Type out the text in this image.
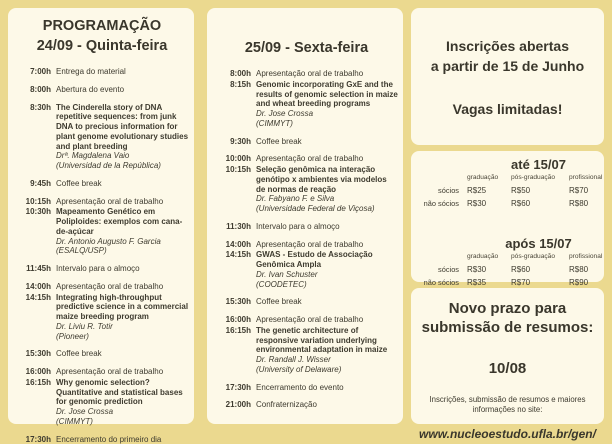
PROGRAMAÇÃO
24/09 - Quinta-feira
7:00h Entrega do material
8:00h Abertura do evento
8:30h The Cinderella story of DNA repetitive sequences: from junk DNA to precious information for plant genome evolutionary studies and plant breeding
Drª. Magdalena Vaio
(Universidad de la República)
9:45h Coffee break
10:15h Apresentação oral de trabalho
10:30h Mapeamento Genético em Poliploides: exemplos com cana-de-açúcar
Dr. Antonio Augusto F. Garcia
(ESALQ/USP)
11:45h Intervalo para o almoço
14:00h Apresentação oral de trabalho
14:15h Integrating high-throughput predictive science in a commercial maize breeding program
Dr. Liviu R. Totir
(Pioneer)
15:30h Coffee break
16:00h Apresentação oral de trabalho
16:15h Why genomic selection? Quantitative and statistical bases for genomic prediction
Dr. Jose Crossa
(CIMMYT)
17:30h Encerramento do primeiro dia
25/09 - Sexta-feira
8:00h Apresentação oral de trabalho
8:15h Genomic incorporating GxE and the results of genomic selection in maize and wheat breeding programs
Dr. Jose Crossa
(CIMMYT)
9:30h Coffee break
10:00h Apresentação oral de trabalho
10:15h Seleção genômica na interação genótipo x ambientes via modelos de normas de reação
Dr. Fabyano F. e Silva
(Universidade Federal de Viçosa)
11:30h Intervalo para o almoço
14:00h Apresentação oral de trabalho
14:15h GWAS - Estudo de Associação Genômica Ampla
Dr. Ivan Schuster
(COODETEC)
15:30h Coffee break
16:00h Apresentação oral de trabalho
16:15h The genetic architecture of responsive variation underlying environmental adaptation in maize
Dr. Randall J. Wisser
(University of Delaware)
17:30h Encerramento do evento
21:00h Confraternização

Inscrições abertas
a partir de 15 de Junho

Vagas limitadas!

até 15/07
graduação	pós-graduação	profissional
sócios	R$25	R$50	R$70
não sócios	R$30	R$60	R$80
após 15/07
graduação	pós-graduação	profissional
sócios	R$30	R$60	R$80
não sócios	R$35	R$70	R$90

Novo prazo para submissão de resumos:

10/08

Inscrições, submissão de resumos e maiores informações no site:

www.nucleoestudo.ufla.br/gen/
